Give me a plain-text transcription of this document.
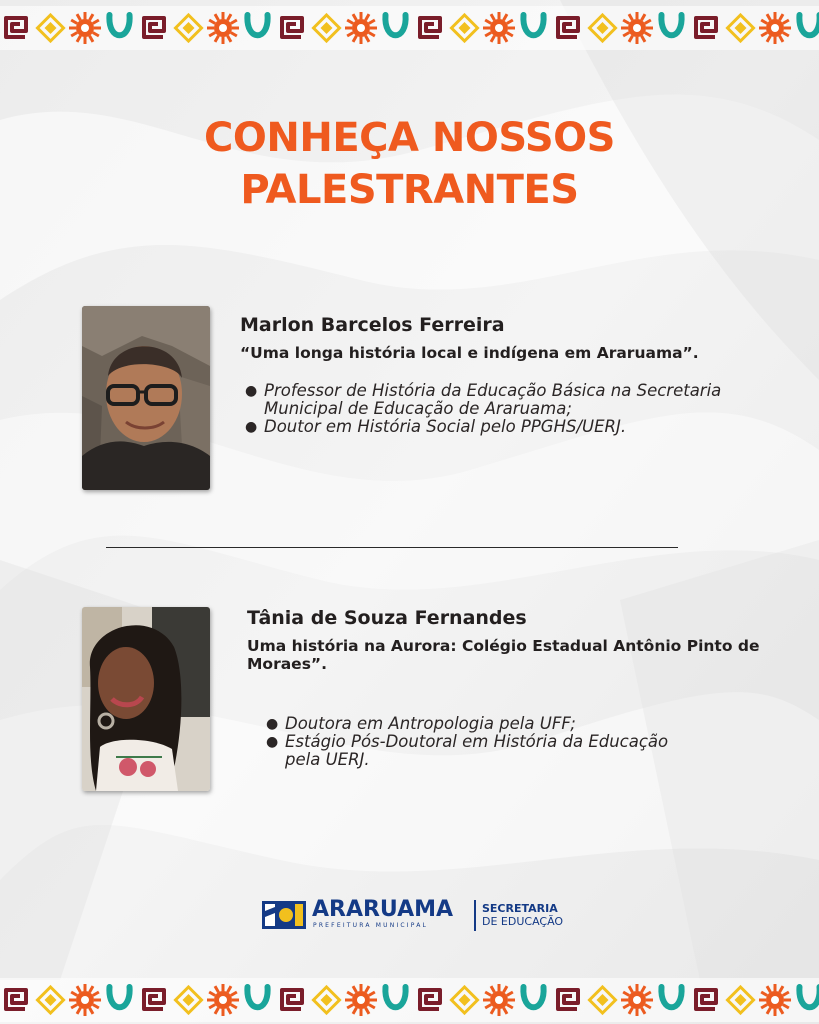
CONHEÇA NOSSOS
PALESTRANTES

Marlon Barcelos Ferreira

“Uma longa história local e indígena em Araruama”.

● Professor de História da Educação Básica na Secretaria Municipal de Educação de Araruama;
● Doutor em História Social pelo PPGHS/UERJ.

Tânia de Souza Fernandes

Uma história na Aurora: Colégio Estadual Antônio Pinto de Moraes”.

● Doutora em Antropologia pela UFF;
● Estágio Pós-Doutoral em História da Educação pela UERJ.
ARARUAMA
PREFEITURA MUNICIPAL
SECRETARIA
DE EDUCAÇÃO
